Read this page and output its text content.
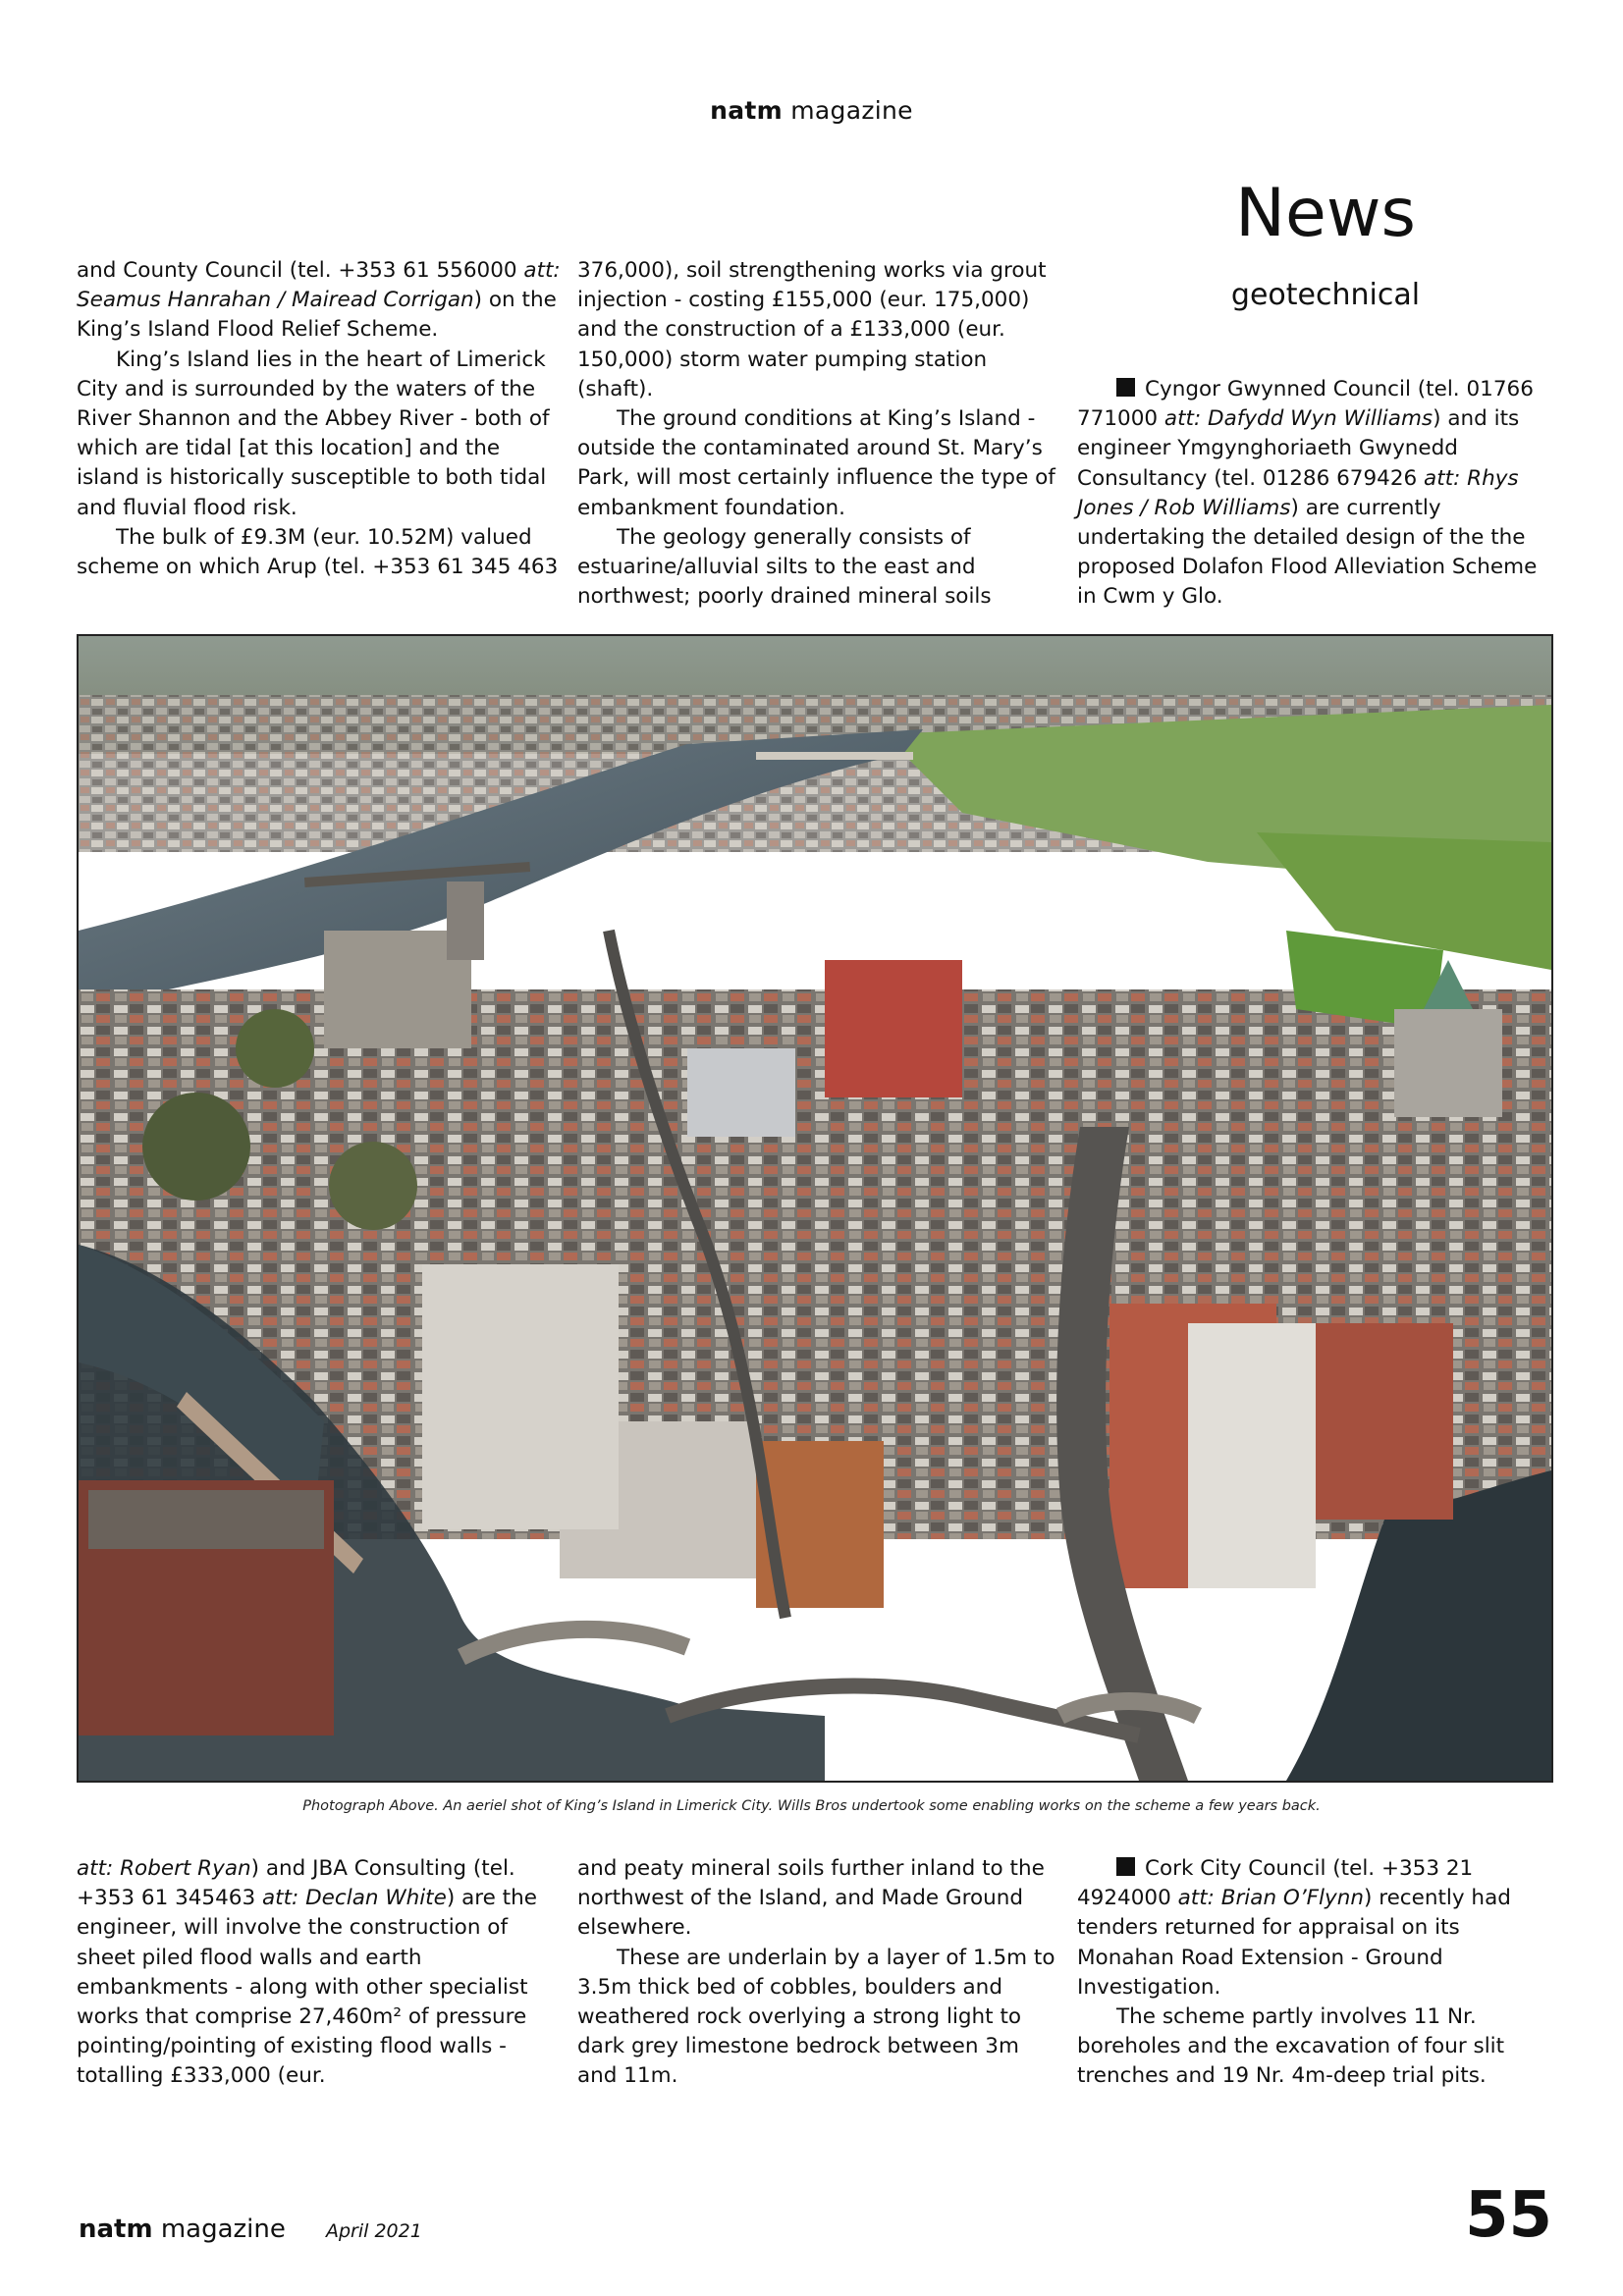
natm magazine
News
geotechnical

and County Council (tel. +353 61 556000 att: Seamus Hanrahan / Mairead Corrigan) on the King’s Island Flood Relief Scheme.

King’s Island lies in the heart of Limerick City and is surrounded by the waters of the River Shannon and the Abbey River - both of which are tidal [at this location] and the island is historically susceptible to both tidal and fluvial flood risk.

The bulk of £9.3M (eur. 10.52M) valued scheme on which Arup (tel. +353 61 345 463

376,000), soil strengthening works via grout injection - costing £155,000 (eur. 175,000) and the construction of a £133,000 (eur. 150,000) storm water pumping station (shaft).

The ground conditions at King’s Island - outside the contaminated around St. Mary’s Park, will most certainly influence the type of embankment foundation.

The geology generally consists of estuarine/alluvial silts to the east and northwest; poorly drained mineral soils

Cyngor Gwynned Council (tel. 01766 771000 att: Dafydd Wyn Williams) and its engineer Ymgynghoriaeth Gwynedd Consultancy (tel. 01286 679426 att: Rhys Jones / Rob Williams) are currently undertaking the detailed design of the the proposed Dolafon Flood Alleviation Scheme in Cwm y Glo.

Photograph Above. An aeriel shot of King’s Island in Limerick City. Wills Bros undertook some enabling works on the scheme a few years back.

att: Robert Ryan) and JBA Consulting (tel. +353 61 345463 att: Declan White) are the engineer, will involve the construction of sheet piled flood walls and earth embankments - along with other specialist works that comprise 27,460m² of pressure pointing/pointing of existing flood walls - totalling £333,000 (eur.

and peaty mineral soils further inland to the northwest of the Island, and Made Ground elsewhere.

These are underlain by a layer of 1.5m to 3.5m thick bed of cobbles, boulders and weathered rock overlying a strong light to dark grey limestone bedrock between 3m and 11m.

Cork City Council (tel. +353 21 4924000 att: Brian O’Flynn) recently had tenders returned for appraisal on its Monahan Road Extension - Ground Investigation.

The scheme partly involves 11 Nr. boreholes and the excavation of four slit trenches and 19 Nr. 4m-deep trial pits.

natm magazine April 2021	55
